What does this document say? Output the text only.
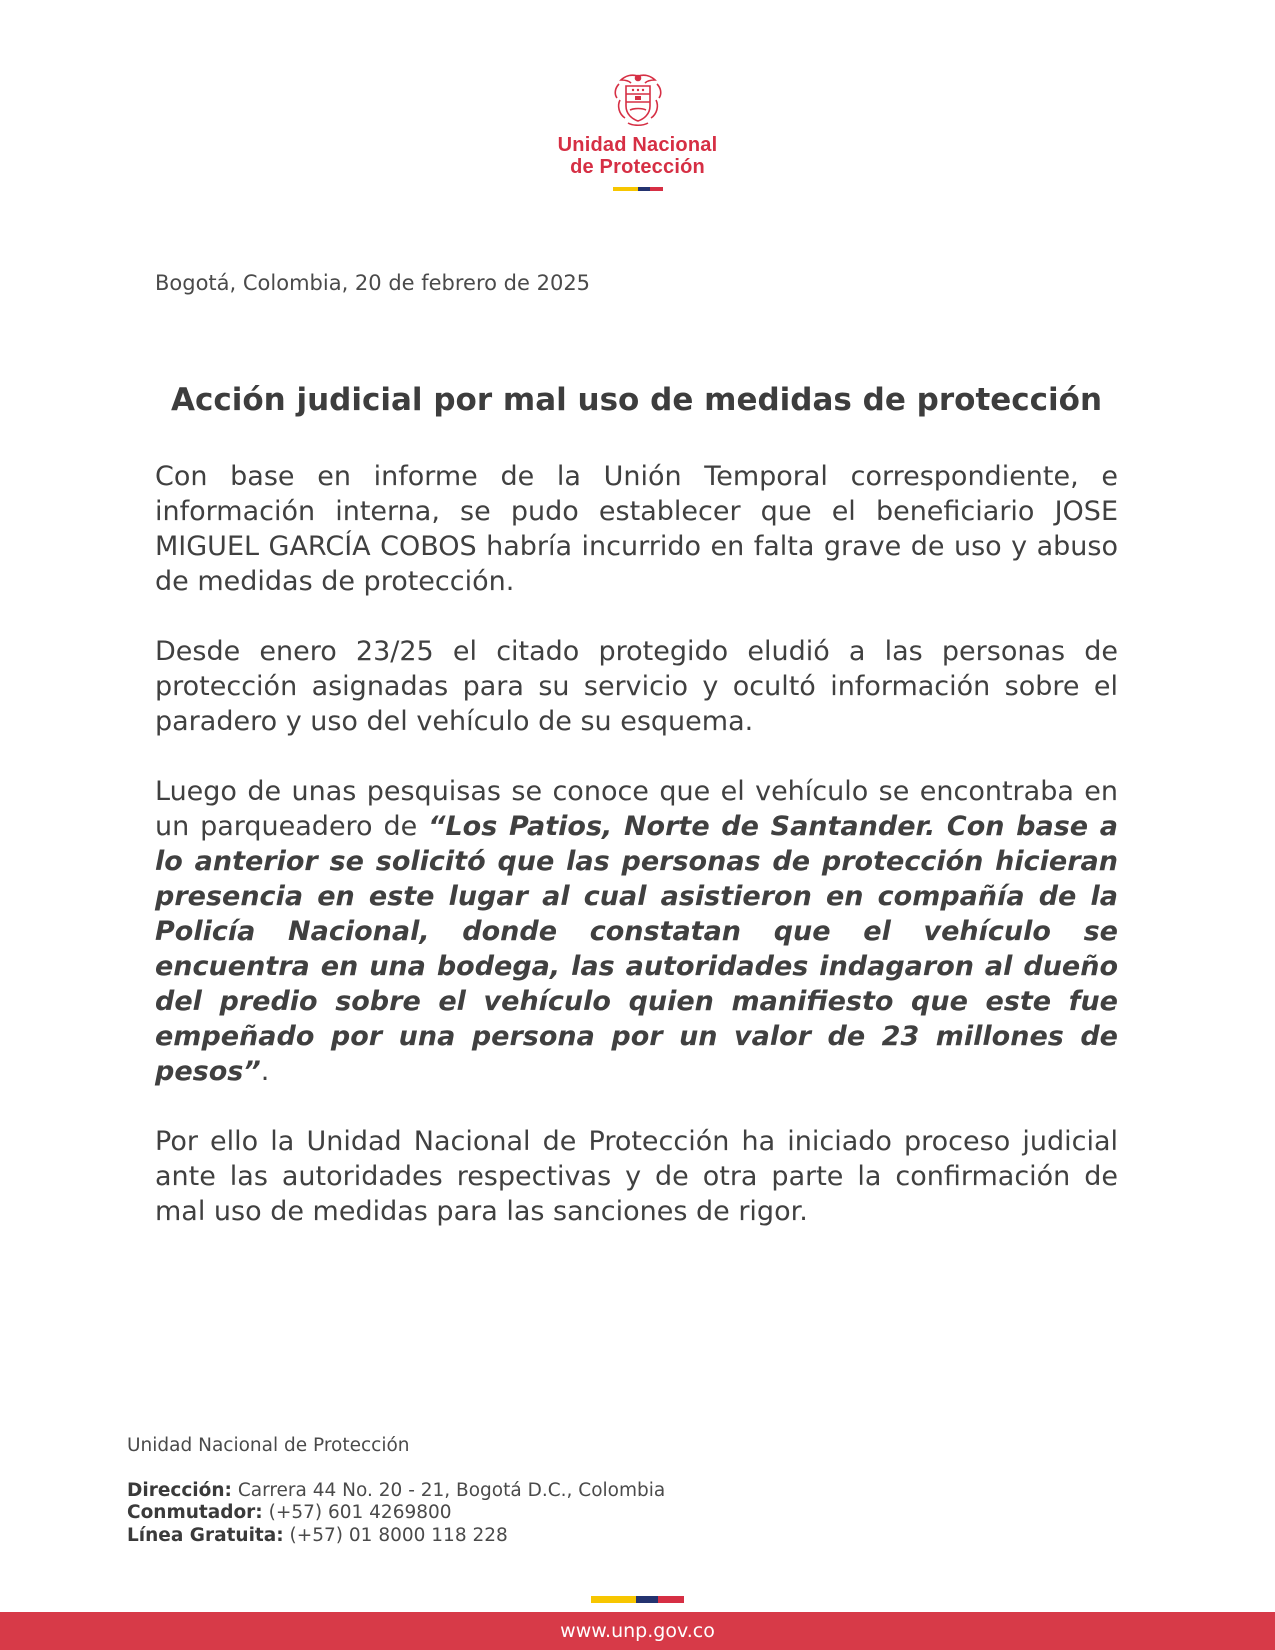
Unidad Nacional
de Protección
Bogotá, Colombia, 20 de febrero de 2025
Acción judicial por mal uso de medidas de protección

Con base en informe de la Unión Temporal correspondiente, e información interna, se pudo establecer que el beneficiario JOSE MIGUEL GARCÍA COBOS habría incurrido en falta grave de uso y abuso de medidas de protección.

Desde enero 23/25 el citado protegido eludió a las personas de protección asignadas para su servicio y ocultó información sobre el paradero y uso del vehículo de su esquema.

Luego de unas pesquisas se conoce que el vehículo se encontraba en un parqueadero de “Los Patios, Norte de Santander. Con base a lo anterior se solicitó que las personas de protección hicieran presencia en este lugar al cual asistieron en compañía de la Policía Nacional, donde constatan que el vehículo se encuentra en una bodega, las autoridades indagaron al dueño del predio sobre el vehículo quien manifiesto que este fue empeñado por una persona por un valor de 23 millones de pesos”.

Por ello la Unidad Nacional de Protección ha iniciado proceso judicial ante las autoridades respectivas y de otra parte la confirmación de mal uso de medidas para las sanciones de rigor.

Unidad Nacional de Protección
Dirección: Carrera 44 No. 20 - 21, Bogotá D.C., Colombia
Conmutador: (+57) 601 4269800
Línea Gratuita: (+57) 01 8000 118 228
www.unp.gov.co
